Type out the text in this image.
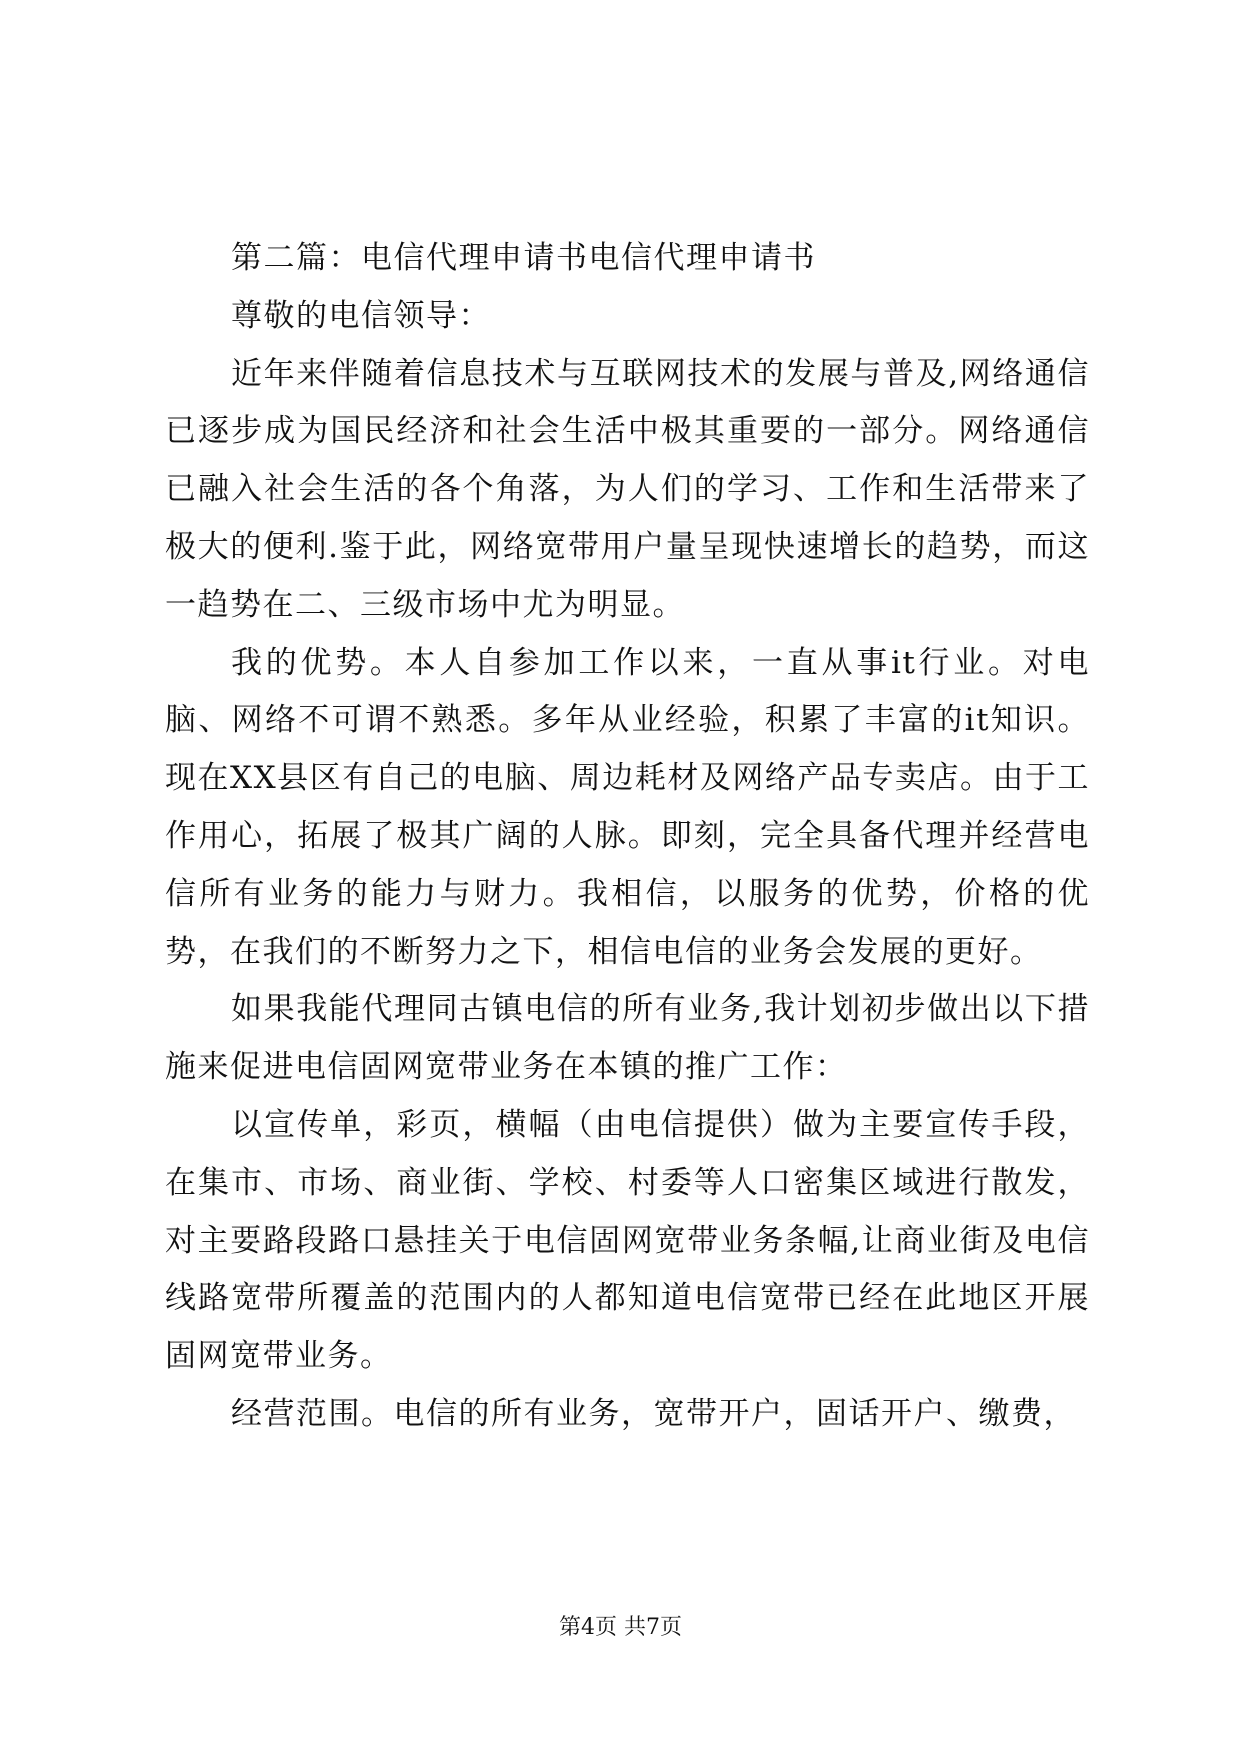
第二篇：电信代理申请书电信代理申请书

尊敬的电信领导：

近年来伴随着信息技术与互联网技术的发展与普及,网络通信已逐步成为国民经济和社会生活中极其重要的一部分。网络通信已融入社会生活的各个角落，为人们的学习、工作和生活带来了极大的便利.鉴于此，网络宽带用户量呈现快速增长的趋势，而这一趋势在二、三级市场中尤为明显。

我的优势。本人自参加工作以来，一直从事it行业。对电脑、网络不可谓不熟悉。多年从业经验，积累了丰富的it知识。现在XX县区有自己的电脑、周边耗材及网络产品专卖店。由于工作用心，拓展了极其广阔的人脉。即刻，完全具备代理并经营电信所有业务的能力与财力。我相信，以服务的优势，价格的优势，在我们的不断努力之下，相信电信的业务会发展的更好。

如果我能代理同古镇电信的所有业务,我计划初步做出以下措施来促进电信固网宽带业务在本镇的推广工作：

以宣传单，彩页，横幅（由电信提供）做为主要宣传手段，在集市、市场、商业街、学校、村委等人口密集区域进行散发，对主要路段路口悬挂关于电信固网宽带业务条幅,让商业街及电信线路宽带所覆盖的范围内的人都知道电信宽带已经在此地区开展固网宽带业务。

经营范围。电信的所有业务，宽带开户，固话开户、缴费，

第4页 共7页
